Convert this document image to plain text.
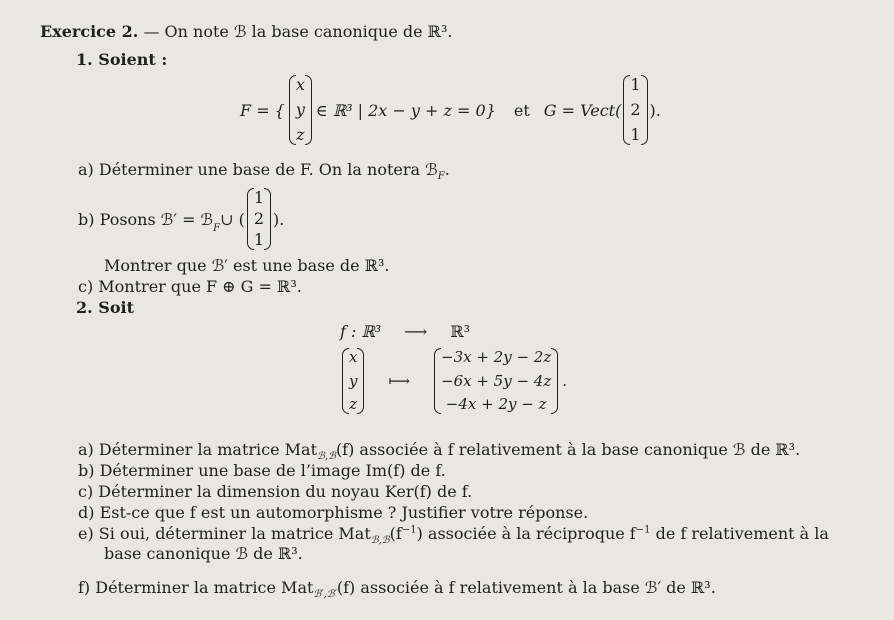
Exercice 2. — On note ℬ la base canonique de ℝ³.
1. Soient :
F = {
x
y
z
∈ ℝ³ | 2x − y + z = 0} et G = Vect(
1
2
1
).
a) Déterminer une base de F. On la notera ℬ$_F$.
b) Posons ℬ′ = ℬ$_F$ ∪ (
1
2
1
).
Montrer que ℬ′ est une base de ℝ³.
c) Montrer que F ⊕ G = ℝ³.
2. Soit
f : ℝ³ ⟶ ℝ³
x
y
z
⟼
−3x + 2y − 2z
−6x + 5y − 4z
−4x + 2y − z
.
a) Déterminer la matrice Mat$_{ℬ,ℬ}$(f) associée à f relativement à la base canonique ℬ de ℝ³.
b) Déterminer une base de l’image Im(f) de f.
c) Déterminer la dimension du noyau Ker(f) de f.
d) Est-ce que f est un automorphisme ? Justifier votre réponse.
e) Si oui, déterminer la matrice $Mat_{ℬ,ℬ}(f^{-1})$ associée à la réciproque $f^{-1}$ de f relativement à la
base canonique ℬ de ℝ³.
f) Déterminer la matrice Mat$_{ℬ',ℬ'}$(f) associée à f relativement à la base ℬ′ de ℝ³.
